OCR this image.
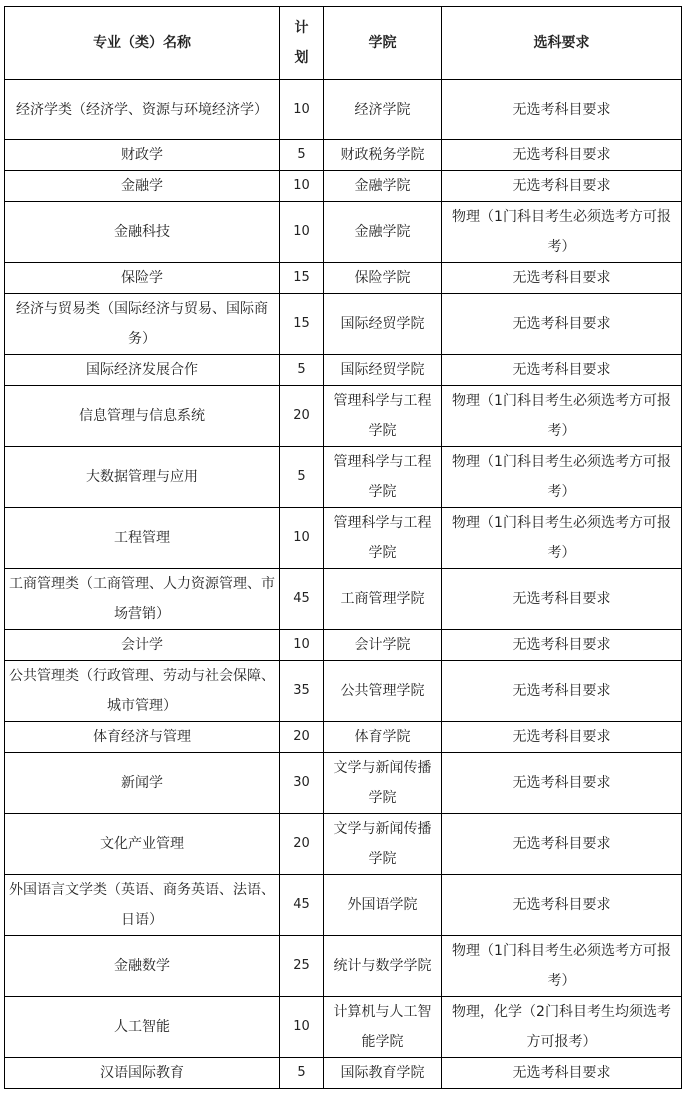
专业（类）名称	计划	学院	选科要求
经济学类（经济学、资源与环境经济学）	10	经济学院	无选考科目要求
财政学	5	财政税务学院	无选考科目要求
金融学	10	金融学院	无选考科目要求
金融科技	10	金融学院	物理（1门科目考生必须选考方可报考）
保险学	15	保险学院	无选考科目要求
经济与贸易类（国际经济与贸易、国际商务）	15	国际经贸学院	无选考科目要求
国际经济发展合作	5	国际经贸学院	无选考科目要求
信息管理与信息系统	20	管理科学与工程学院	物理（1门科目考生必须选考方可报考）
大数据管理与应用	5	管理科学与工程学院	物理（1门科目考生必须选考方可报考）
工程管理	10	管理科学与工程学院	物理（1门科目考生必须选考方可报考）
工商管理类（工商管理、人力资源管理、市场营销）	45	工商管理学院	无选考科目要求
会计学	10	会计学院	无选考科目要求
公共管理类（行政管理、劳动与社会保障、城市管理）	35	公共管理学院	无选考科目要求
体育经济与管理	20	体育学院	无选考科目要求
新闻学	30	文学与新闻传播学院	无选考科目要求
文化产业管理	20	文学与新闻传播学院	无选考科目要求
外国语言文学类（英语、商务英语、法语、日语）	45	外国语学院	无选考科目要求
金融数学	25	统计与数学学院	物理（1门科目考生必须选考方可报考）
人工智能	10	计算机与人工智能学院	物理，化学（2门科目考生均须选考方可报考）
汉语国际教育	5	国际教育学院	无选考科目要求
